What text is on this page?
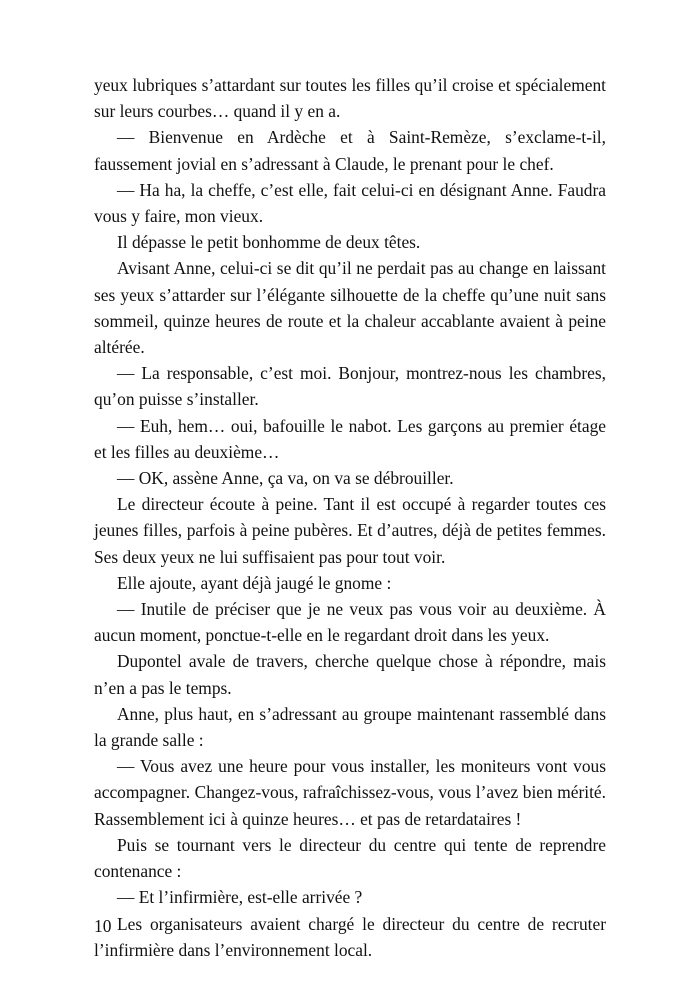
yeux lubriques s’attardant sur toutes les filles qu’il croise et spécialement sur leurs courbes… quand il y en a.

— Bienvenue en Ardèche et à Saint-Remèze, s’exclame-t-il, faussement jovial en s’adressant à Claude, le prenant pour le chef.

— Ha ha, la cheffe, c’est elle, fait celui-ci en désignant Anne. Faudra vous y faire, mon vieux.

Il dépasse le petit bonhomme de deux têtes.

Avisant Anne, celui-ci se dit qu’il ne perdait pas au change en laissant ses yeux s’attarder sur l’élégante silhouette de la cheffe qu’une nuit sans sommeil, quinze heures de route et la chaleur accablante avaient à peine altérée.

— La responsable, c’est moi. Bonjour, montrez-nous les chambres, qu’on puisse s’installer.

— Euh, hem… oui, bafouille le nabot. Les garçons au premier étage et les filles au deuxième…

— OK, assène Anne, ça va, on va se débrouiller.

Le directeur écoute à peine. Tant il est occupé à regarder toutes ces jeunes filles, parfois à peine pubères. Et d’autres, déjà de petites femmes. Ses deux yeux ne lui suffisaient pas pour tout voir.

Elle ajoute, ayant déjà jaugé le gnome :

— Inutile de préciser que je ne veux pas vous voir au deuxième. À aucun moment, ponctue-t-elle en le regardant droit dans les yeux.

Dupontel avale de travers, cherche quelque chose à répondre, mais n’en a pas le temps.

Anne, plus haut, en s’adressant au groupe maintenant rassemblé dans la grande salle :

— Vous avez une heure pour vous installer, les moniteurs vont vous accompagner. Changez-vous, rafraîchissez-vous, vous l’avez bien mérité. Rassemblement ici à quinze heures… et pas de retardataires !

Puis se tournant vers le directeur du centre qui tente de reprendre contenance :

— Et l’infirmière, est-elle arrivée ?

Les organisateurs avaient chargé le directeur du centre de recruter l’infirmière dans l’environnement local.

10
